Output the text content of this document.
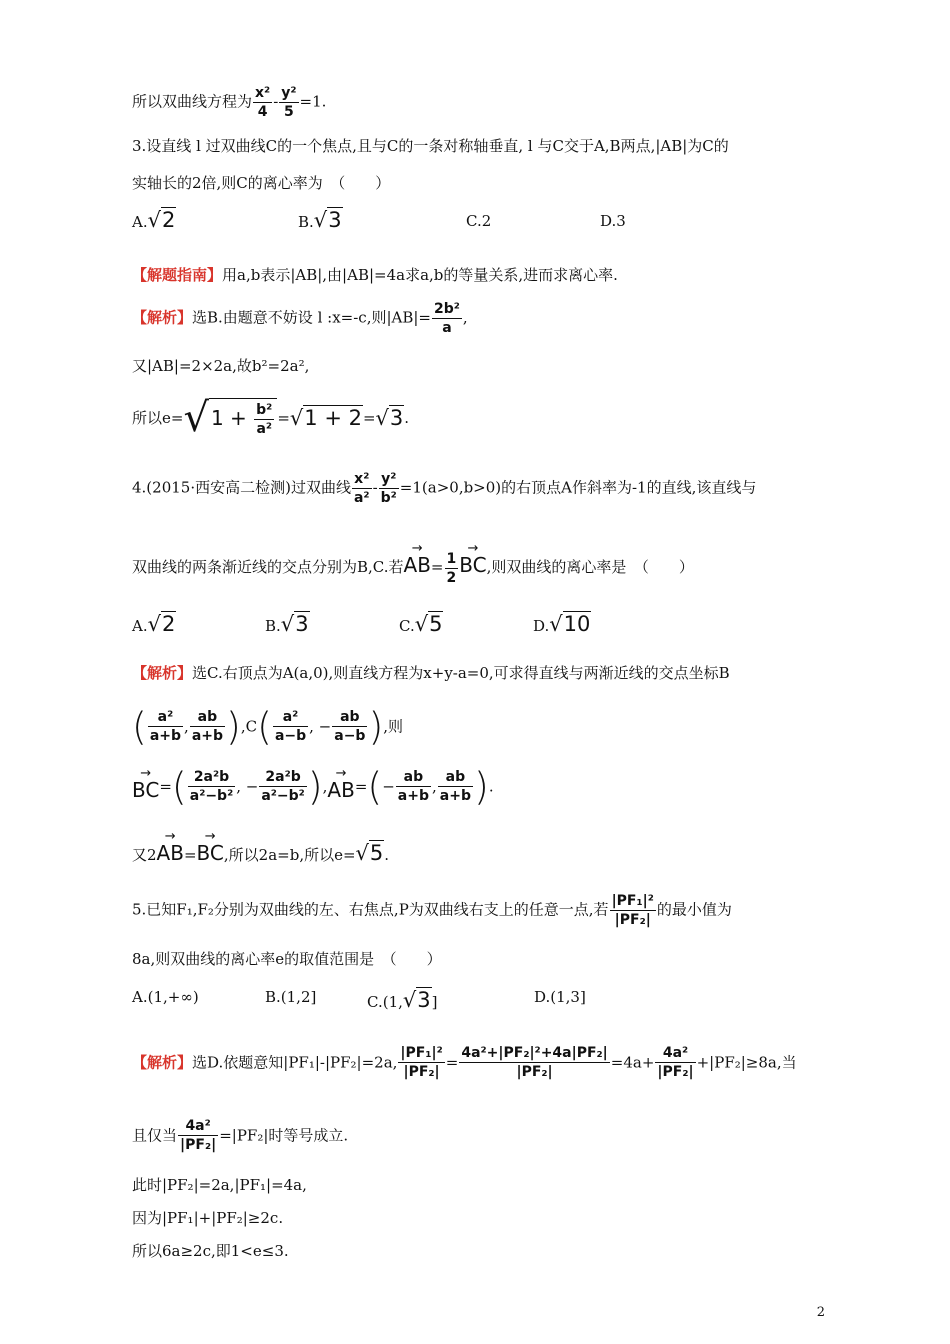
所以双曲线方程为 $\frac{\text{x²}}{4} - \frac{\text{y²}}{5} =1$.
3.设直线 l 过双曲线C的一个焦点,且与C的一条对称轴垂直, l 与C交于A,B两点,|AB|为C的
实轴长的2倍,则C的离心率为　（　　）
A.√2	B.√3	C.2	D.3
【解题指南】用a,b表示|AB|,由|AB|=4a求a,b的等量关系,进而求离心率.
【解析】选B.由题意不妨设 l :x=-c,则$|AB|= \frac{\text{2b²}}{a}$ ,
又|AB|=2×2a,故b²=2a²,
所以e=√ $1 + \frac{\text{b²}}{\text{a²}} =√1 + 2=√3$.
4.(2015·西安高二检测)过双曲线 $\frac{\text{x²}}{\text{a²}} - \frac{\text{y²}}{\text{b²}} =1(a>0,b>0)$的右顶点A作斜率为-1的直线,该直线与
双曲线的两条渐近线的交点分别为B,C.若→ $AB= \frac{1}{2}$
→ BC,则双曲线的离心率是　（　　）
A.√2	B.√3	C.√5	D.√10
【解析】选C.右顶点为A(a,0),则直线方程为x+y-a=0,可求得直线与两渐近线的交点坐标B
( $\frac{\text{a²}}{a+b}$ , $\frac{ab}{a+b} ),C( \frac{\text{a²}}{a-b}$ , − $\frac{ab}{a-b}$ ),则
→ $BC=( \frac{\text{2a²b}}{\text{a²−b²}}$ , − $\frac{\text{2a²b}}{\text{a²−b²}}$ ),→ $AB=(- \frac{ab}{a+b}$ , $\frac{ab}{a+b}$ ).
又2→ AB=→ BC,所以2a=b,所以e=√5.
5.已知F₁,F₂分别为双曲线的左、右焦点,P为双曲线右支上的任意一点,若 $\frac{\text{|PF₁|²}}{\text{|PF₂|}}$ 的最小值为
8a,则双曲线的离心率e的取值范围是　（　　）
A.(1,+∞)	B.(1,2]	C.(1,√3]	D.(1,3]
【解析】选D.依题意知|PF₁|-|PF₂|=2a, $\frac{\text{|PF₁|²}}{\text{|PF₂|}} = \frac{\text{4a²+|PF₂|²+4a|PF₂|}}{\text{|PF₂|}} =4a+ \frac{\text{4a²}}{\text{|PF₂|}} +|PF_2|\ge 8a$,当
且仅当 $\frac{\text{4a²}}{\text{|PF₂|}} =|PF_2|$时等号成立.
此时|PF₂|=2a,|PF₁|=4a,
因为|PF₁|+|PF₂|≥2c.
所以6a≥2c,即1<e≤3.
2
